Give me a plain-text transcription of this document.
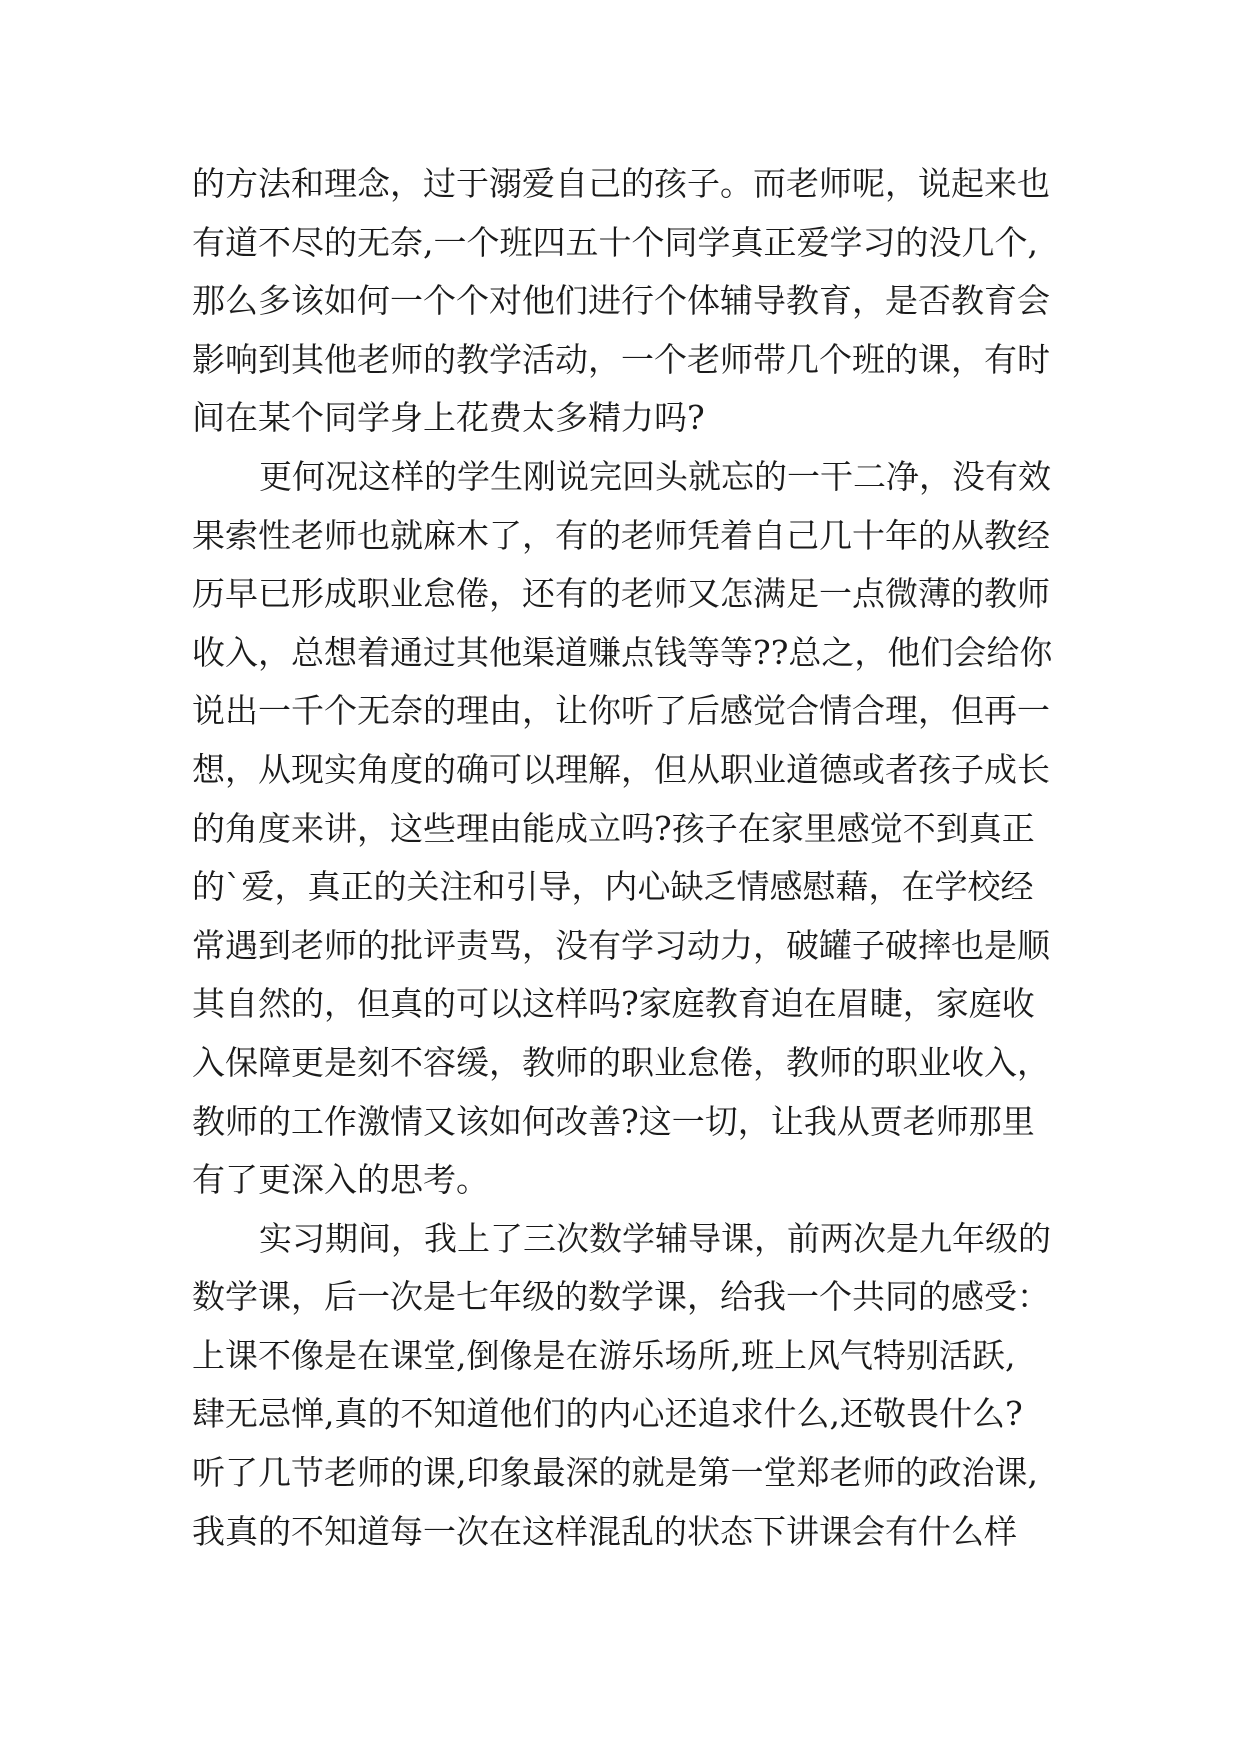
的方法和理念，过于溺爱自己的孩子。而老师呢，说起来也
有道不尽的无奈,一个班四五十个同学真正爱学习的没几个,
那么多该如何一个个对他们进行个体辅导教育，是否教育会
影响到其他老师的教学活动，一个老师带几个班的课，有时
间在某个同学身上花费太多精力吗?
更何况这样的学生刚说完回头就忘的一干二净，没有效
果索性老师也就麻木了，有的老师凭着自己几十年的从教经
历早已形成职业怠倦，还有的老师又怎满足一点微薄的教师
收入，总想着通过其他渠道赚点钱等等??总之，他们会给你
说出一千个无奈的理由，让你听了后感觉合情合理，但再一
想，从现实角度的确可以理解，但从职业道德或者孩子成长
的角度来讲，这些理由能成立吗?孩子在家里感觉不到真正
的`爱，真正的关注和引导，内心缺乏情感慰藉，在学校经
常遇到老师的批评责骂，没有学习动力，破罐子破摔也是顺
其自然的，但真的可以这样吗?家庭教育迫在眉睫，家庭收
入保障更是刻不容缓，教师的职业怠倦，教师的职业收入，
教师的工作激情又该如何改善?这一切，让我从贾老师那里
有了更深入的思考。
实习期间，我上了三次数学辅导课，前两次是九年级的
数学课，后一次是七年级的数学课，给我一个共同的感受：
上课不像是在课堂,倒像是在游乐场所,班上风气特别活跃,
肆无忌惮,真的不知道他们的内心还追求什么,还敬畏什么?
听了几节老师的课,印象最深的就是第一堂郑老师的政治课,
我真的不知道每一次在这样混乱的状态下讲课会有什么样
